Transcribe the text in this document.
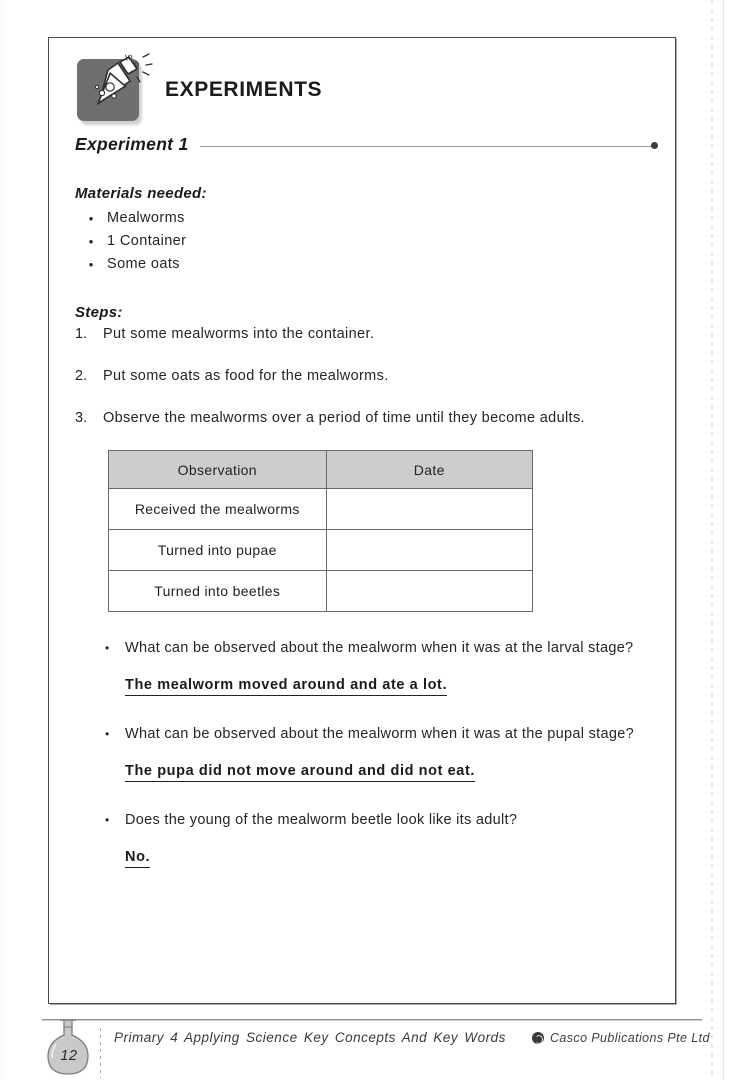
Ιο
ο
EXPERIMENTS
Experiment 1
Materials needed:
• Mealworms
• 1 Container
• Some oats
Steps:
1.	Put some mealworms into the container.
2.	Put some oats as food for the mealworms.
3.	Observe the mealworms over a period of time until they become adults.
Observation	Date
Received the mealworms	
Turned into pupae	
Turned into beetles	
•	What can be observed about the mealworm when it was at the larval stage?
The mealworm moved around and ate a lot.
•	What can be observed about the mealworm when it was at the pupal stage?
The pupa did not move around and did not eat.
•	Does the young of the mealworm beetle look like its adult?
No.
12
Primary 4 Applying Science Key Concepts And Key Words	Casco Publications Pte Ltd
